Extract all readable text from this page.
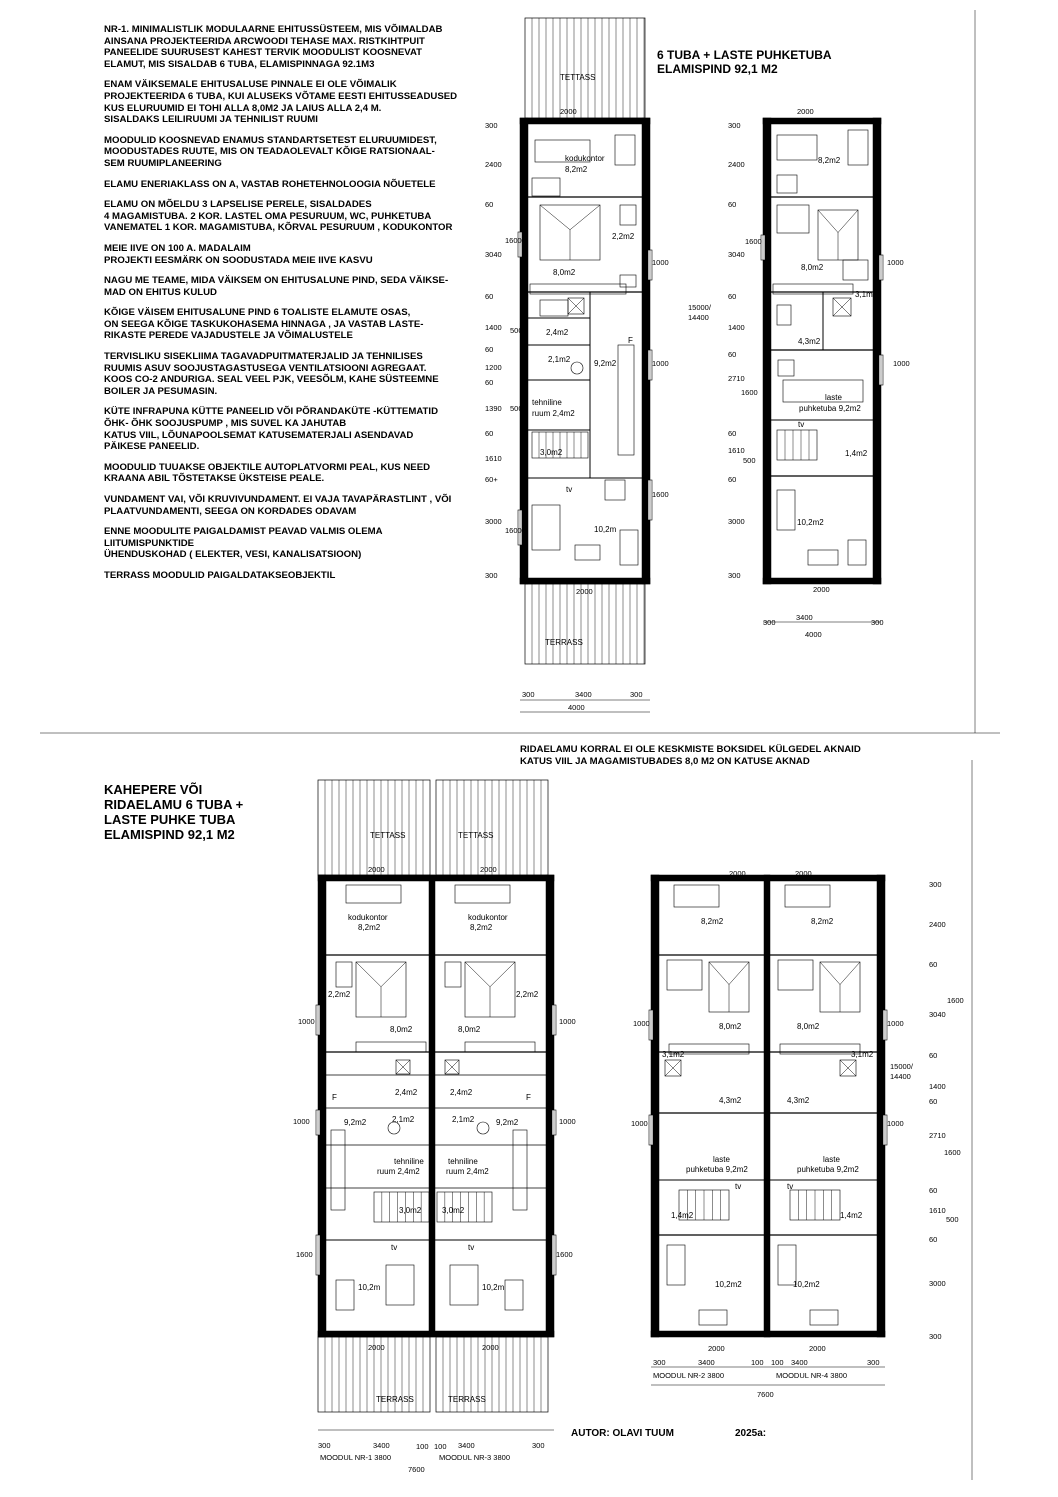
NR-1. MINIMALISTLIK MODULAARNE EHITUSSÜSTEEM, MIS VÕIMALDAB
AINSANA PROJEKTEERIDA ARCWOODI TEHASE MAX. RISTKIHTPUIT
PANEELIDE SUURUSEST KAHEST TERVIK MOODULIST KOOSNEVAT
ELAMUT, MIS SISALDAB 6 TUBA, ELAMISPINNAGA 92.1M3

ENAM VÄIKSEMALE EHITUSALUSE PINNALE EI OLE VÕIMALIK
PROJEKTEERIDA 6 TUBA, KUI ALUSEKS VÕTAME EESTI EHITUSSEADUSED
KUS ELURUUMID EI TOHI ALLA 8,0M2 JA LAIUS ALLA 2,4 M.
SISALDAKS LEILIRUUMI JA TEHNILIST RUUMI

MOODULID KOOSNEVAD ENAMUS STANDARTSETEST ELURUUMIDEST,
MOODUSTADES RUUTE, MIS ON TEADAOLEVALT KÕIGE RATSIONAAL-
SEM RUUMIPLANEERING

ELAMU ENERIAKLASS ON A, VASTAB ROHETEHNOLOOGIA NÕUETELE

ELAMU ON MÕELDU 3 LAPSELISE PERELE, SISALDADES
4 MAGAMISTUBA. 2 KOR. LASTEL OMA PESURUUM, WC, PUHKETUBA
VANEMATEL 1 KOR. MAGAMISTUBA, KÕRVAL PESURUUM , KODUKONTOR

MEIE IIVE ON 100 A. MADALAIM
PROJEKTI EESMÄRK ON SOODUSTADA MEIE IIVE KASVU

NAGU ME TEAME, MIDA VÄIKSEM ON EHITUSALUNE PIND, SEDA VÄIKSE-
MAD ON EHITUS KULUD

KÕIGE VÄISEM EHITUSALUNE PIND 6 TOALISTE ELAMUTE OSAS,
ON SEEGA KÕIGE TASKUKOHASEMA HINNAGA , JA VASTAB LASTE-
RIKASTE PEREDE VAJADUSTELE JA VÕIMALUSTELE

TERVISLIKU SISEKLIIMA TAGAVADPUITMATERJALID JA TEHNILISES
RUUMIS ASUV SOOJUSTAGASTUSEGA VENTILATSIOONI AGREGAAT.
KOOS CO-2 ANDURIGA. SEAL VEEL PJK, VEESÕLM, KAHE SÜSTEEMNE
BOILER JA PESUMASIN.

KÜTE INFRAPUNA KÜTTE PANEELID VÕI PÕRANDAKÜTE -KÜTTEMATID
ÕHK- ÕHK SOOJUSPUMP , MIS SUVEL KA JAHUTAB
KATUS VIIL, LÕUNAPOOLSEMAT KATUSEMATERJALI ASENDAVAD
PÄIKESE PANEELID.

MOODULID TUUAKSE OBJEKTILE AUTOPLATVORMI PEAL, KUS NEED
KRAANA ABIL TÕSTETAKSE ÜKSTEISE PEALE.

VUNDAMENT VAI, VÕI KRUVIVUNDAMENT. EI VAJA TAVAPÄRASTLINT , VÕI
PLAATVUNDAMENTI, SEEGA ON KORDADES ODAVAM

ENNE MOODULITE PAIGALDAMIST PEAVAD VALMIS OLEMA
LIITUMISPUNKTIDE
ÜHENDUSKOHAD ( ELEKTER, VESI, KANALISATSIOON)

TERRASS MOODULID PAIGALDATAKSEOBJEKTIL

6 TUBA + LASTE PUHKETUBA
ELAMISPIND 92,1 M2
KAHEPERE VÕI
RIDAELAMU 6 TUBA +
LASTE PUHKE TUBA
ELAMISPIND 92,1 M2
RIDAELAMU KORRAL EI OLE KESKMISTE BOKSIDEL KÜLGEDEL AKNAID
KATUS VIIL JA MAGAMISTUBADES 8,0 M2 ON KATUSE AKNAD
AUTOR: OLAVI TUUM	2025a:
TETTASS
kodukontor
8,2m2
2,2m2
8,0m2
2,4m2
2,1m2	9,2m2
F
tehniline
ruum 2,4m2
3,0m2
tv
10,2m
TERRASS
300
2400
60
3040
60
1400
60
1200
60
1390
60
1610
60+
3000
300
1600
500
500
1600
2000
2000
1000
1000
1600
300	3400	300
4000
8,2m2
8,0m2
3,1m2
4,3m2
laste
puhketuba 9,2m2
tv
1,4m2
10,2m2
300
2400
60
3040
60
1400
60
2710
60
1610
60
3000
300
1600
1600
500
15000/
14400
2000
2000
1000
1000
300
3400
300
4000
TETTASS	TETTASS
kodukontor
8,2m2
kodukontor
8,2m2
2,2m2	2,2m2
8,0m2	8,0m2
2,4m2	2,4m2
2,1m2	2,1m2
9,2m2	9,2m2
F	F
tehniline
ruum 2,4m2
tehniline
ruum 2,4m2
3,0m2	3,0m2
tv	tv
10,2m	10,2m
TERRASS	TERRASS
2000	2000
2000	2000
1000	1000
1000	1000
1600	1600
300	3400	100 100 3400	300
MOODUL NR-1 3800	MOODUL NR-3 3800
7600
8,2m2	8,2m2
8,0m2	8,0m2
3,1m2	3,1m2
4,3m2	4,3m2
laste
puhketuba 9,2m2
laste
puhketuba 9,2m2
tv	tv
1,4m2	1,4m2
10,2m2	10,2m2
2000	2000
2000	2000
1000	1000
1000	1000
300
2400
60
3040
60
1400
60
2710
60
1610
60
3000
300
1600
1600
500
15000/
14400
300	3400	100 100 3400	300
MOODUL NR-2 3800	MOODUL NR-4 3800
7600
